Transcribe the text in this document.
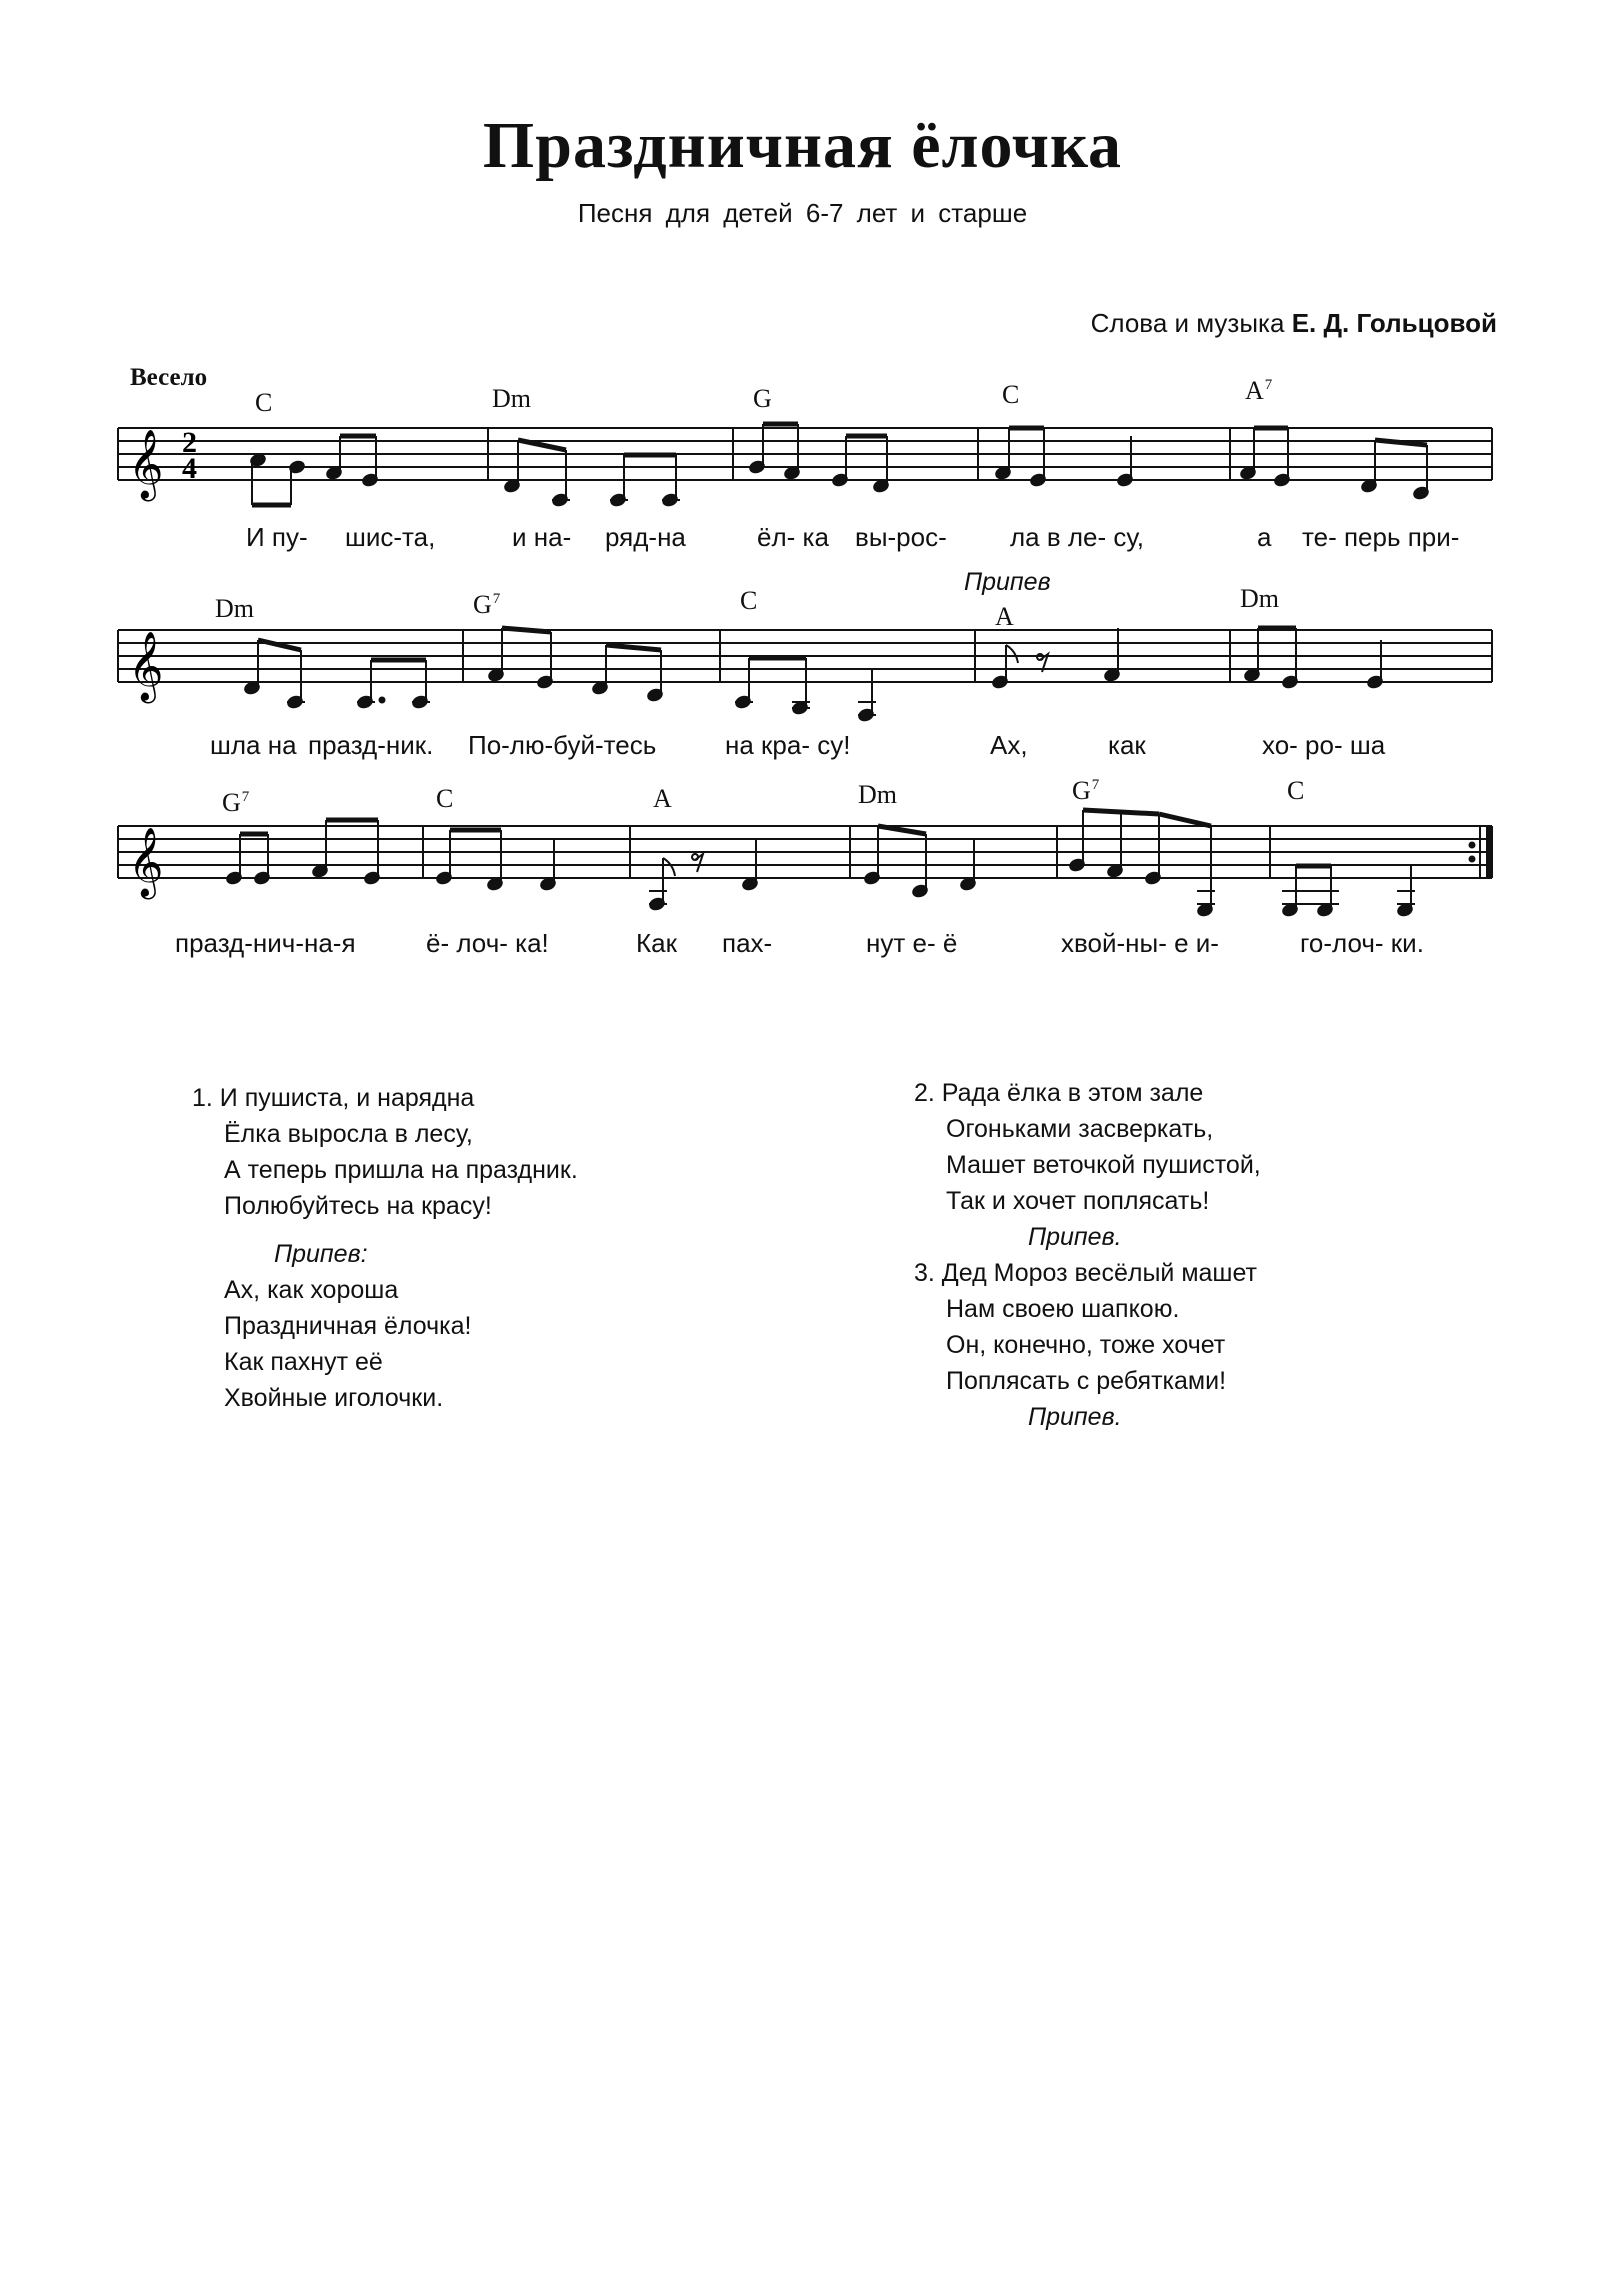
Праздничная ёлочка
Песня для детей 6-7 лет и старше
Слова и музыка Е. Д. Гольцовой
Весело
C	Dm	G	C	$A^7$
Dm	$G^7$	C
Припев
A
Dm
$G^7$	C	A	Dm	$G^7$	C
𝄞
𝄞
𝄞
2
4
И пу- шис-та,	и на- ряд-на	ёл- ка вы-рос- ла в ле- су,	а те- перь при-
шла на празд-ник. По-лю-буй-тесь	на кра- су!	Ах,	как	хо- ро- ша
празд-нич-на-я	ё- лоч- ка!	Как пах-	нут е- ё	хвой-ны- е и-	го-лоч- ки.
1. И пушиста, и нарядна
Ёлка выросла в лесу,
А теперь пришла на праздник.
Полюбуйтесь на красу!
Припев:
Ах, как хороша
Праздничная ёлочка!
Как пахнут её
Хвойные иголочки.
2. Рада ёлка в этом зале
Огоньками засверкать,
Машет веточкой пушистой,
Так и хочет поплясать!
Припев.
3. Дед Мороз весёлый машет
Нам своею шапкою.
Он, конечно, тоже хочет
Поплясать с ребятками!
Припев.
